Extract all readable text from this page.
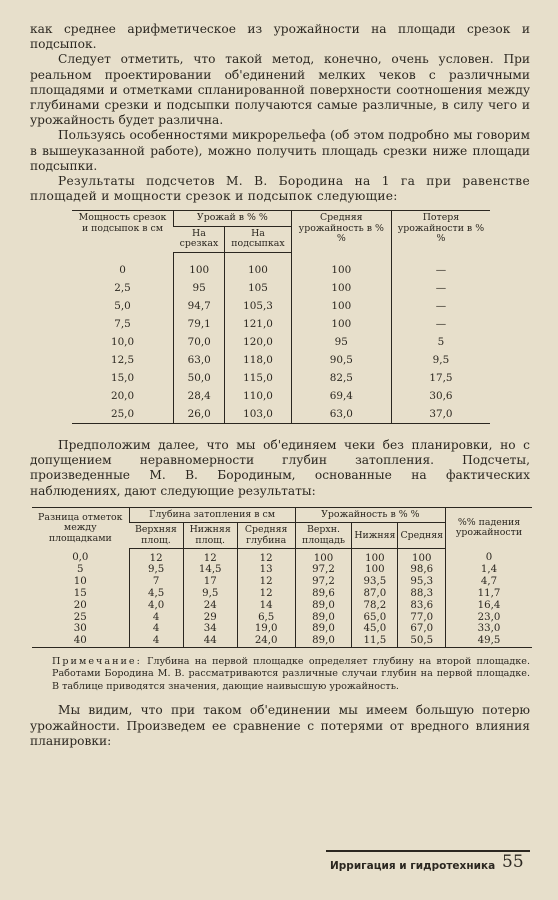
как среднее арифметическое из урожайности на площади срезок и подсыпок.

Следует отметить, что такой метод, конечно, очень условен. При реальном проектировании об'единений мелких чеков с различными площадями и отметками спланированной поверхности соотношения между глубинами срезки и подсыпки получаются самые различные, в силу чего и урожайность будет различна.

Пользуясь особенностями микрорельефа (об этом подробно мы говорим в вышеуказанной работе), можно получить площадь срезки ниже площади подсыпки.

Результаты подсчетов М. В. Бородина на 1 га при равенстве площадей и мощности срезок и подсыпок следующие:

Мощность срезок и подсыпок в см	Урожай в % %		Средняя урожайность в % %	Потеря урожайности в % %
	На срезках	На подсыпках		
0	100	100	100	—
2,5	95	105	100	—
5,0	94,7	105,3	100	—
7,5	79,1	121,0	100	—
10,0	70,0	120,0	95	5
12,5	63,0	118,0	90,5	9,5
15,0	50,0	115,0	82,5	17,5
20,0	28,4	110,0	69,4	30,6
25,0	26,0	103,0	63,0	37,0

Предположим далее, что мы об'единяем чеки без планировки, но с допущением неравномерности глубин затопления. Подсчеты, произведенные М. В. Бородиным, основанные на фактических наблюдениях, дают следующие результаты:

Разница отметок между площадками	Глубина затопления в см			Урожайность в % %			%% падения урожайности
	Верхняя площ.	Нижняя площ.	Средняя глубина	Верхн. площадь	Нижняя	Средняя	
0,0	12	12	12	100	100	100	0
5	9,5	14,5	13	97,2	100	98,6	1,4
10	7	17	12	97,2	93,5	95,3	4,7
15	4,5	9,5	12	89,6	87,0	88,3	11,7
20	4,0	24	14	89,0	78,2	83,6	16,4
25	4	29	6,5	89,0	65,0	77,0	23,0
30	4	34	19,0	89,0	45,0	67,0	33,0
40	4	44	24,0	89,0	11,5	50,5	49,5
Примечание: Глубина на первой площадке определяет глубину на второй площадке. Работами Бородина М. В. рассматриваются различные случаи глубин на первой площадке. В таблице приводятся значения, дающие наивысшую урожайность.

Мы видим, что при таком об'единении мы имеем большую потерю урожайности. Произведем ее сравнение с потерями от вредного влияния планировки:

Ирригация и гидротехника 55
